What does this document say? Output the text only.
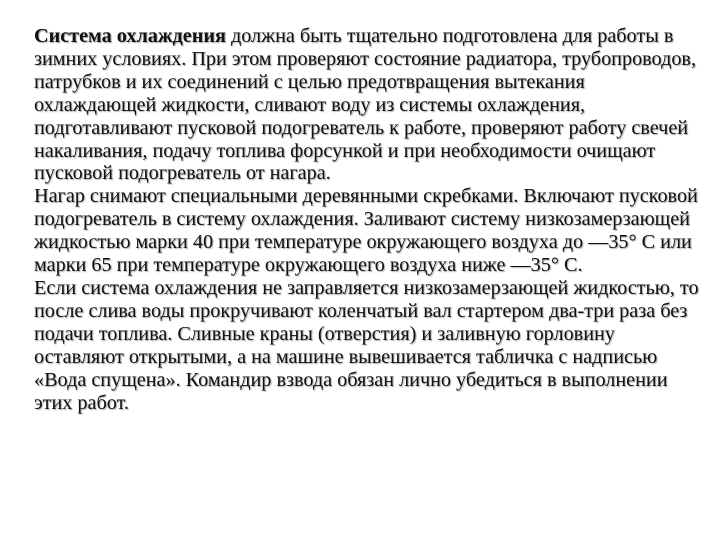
Система охлаждения должна быть тщательно подготовлена для работы в зимних условиях. При этом проверяют состояние радиатора, трубопроводов, патрубков и их соединений с целью предотвращения вытекания охлаждающей жидкости, сливают воду из системы охлаждения, подготавливают пусковой подогреватель к работе, проверяют работу свечей накаливания, подачу топлива форсункой и при необходимости очищают пусковой подогреватель от нагара.

Нагар снимают специальными деревянными скребками. Включают пусковой подогреватель в систему охлаждения. Заливают систему низкозамерзающей жидкостью марки 40 при температуре окружающего воздуха до —35° С или марки 65 при температуре окружающего воздуха ниже —35° С.

Если система охлаждения не заправляется низкозамерзающей жидкостью, то после слива воды прокручивают коленчатый вал стартером два-три раза без подачи топлива. Сливные краны (отверстия) и заливную горловину оставляют открытыми, а на машине вывешивается табличка с надписью «Вода спущена». Командир взвода обязан лично убедиться в выполнении этих работ.
